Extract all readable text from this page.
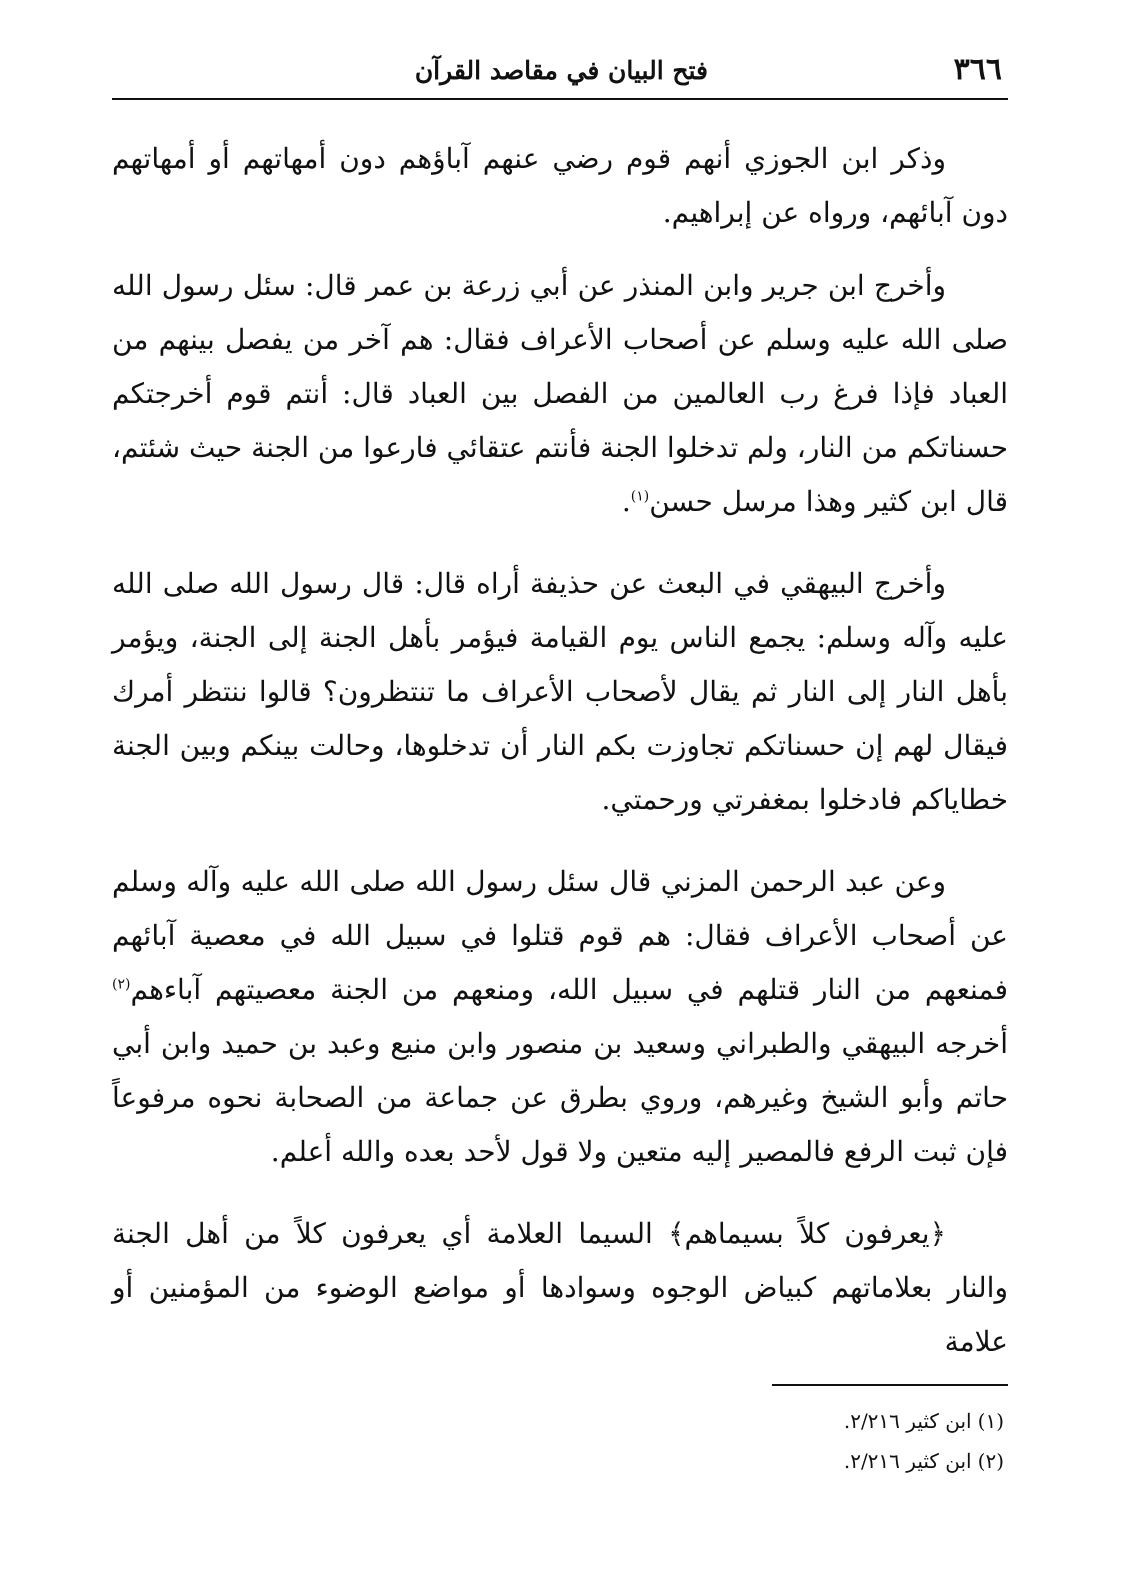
٣٦٦
فتح البيان في مقاصد القرآن

وذكر ابن الجوزي أنهم قوم رضي عنهم آباؤهم دون أمهاتهم أو أمهاتهم دون آبائهم، ورواه عن إبراهيم.

وأخرج ابن جرير وابن المنذر عن أبي زرعة بن عمر قال: سئل رسول الله صلى الله عليه وسلم عن أصحاب الأعراف فقال: هم آخر من يفصل بينهم من العباد فإذا فرغ رب العالمين من الفصل بين العباد قال: أنتم قوم أخرجتكم حسناتكم من النار، ولم تدخلوا الجنة فأنتم عتقائي فارعوا من الجنة حيث شئتم، قال ابن كثير وهذا مرسل حسن$^{(١)}$.

وأخرج البيهقي في البعث عن حذيفة أراه قال: قال رسول الله صلى الله عليه وآله وسلم: يجمع الناس يوم القيامة فيؤمر بأهل الجنة إلى الجنة، ويؤمر بأهل النار إلى النار ثم يقال لأصحاب الأعراف ما تنتظرون؟ قالوا ننتظر أمرك فيقال لهم إن حسناتكم تجاوزت بكم النار أن تدخلوها، وحالت بينكم وبين الجنة خطاياكم فادخلوا بمغفرتي ورحمتي.

وعن عبد الرحمن المزني قال سئل رسول الله صلى الله عليه وآله وسلم عن أصحاب الأعراف فقال: هم قوم قتلوا في سبيل الله في معصية آبائهم فمنعهم من النار قتلهم في سبيل الله، ومنعهم من الجنة معصيتهم آباءهم$^{(٢)}$ أخرجه البيهقي والطبراني وسعيد بن منصور وابن منيع وعبد بن حميد وابن أبي حاتم وأبو الشيخ وغيرهم، وروي بطرق عن جماعة من الصحابة نحوه مرفوعاً فإن ثبت الرفع فالمصير إليه متعين ولا قول لأحد بعده والله أعلم.

﴿يعرفون كلاً بسيماهم﴾ السيما العلامة أي يعرفون كلاً من أهل الجنة والنار بعلاماتهم كبياض الوجوه وسوادها أو مواضع الوضوء من المؤمنين أو علامة

(١)ابن كثير ٢/٢١٦.

(٢)ابن كثير ٢/٢١٦.
